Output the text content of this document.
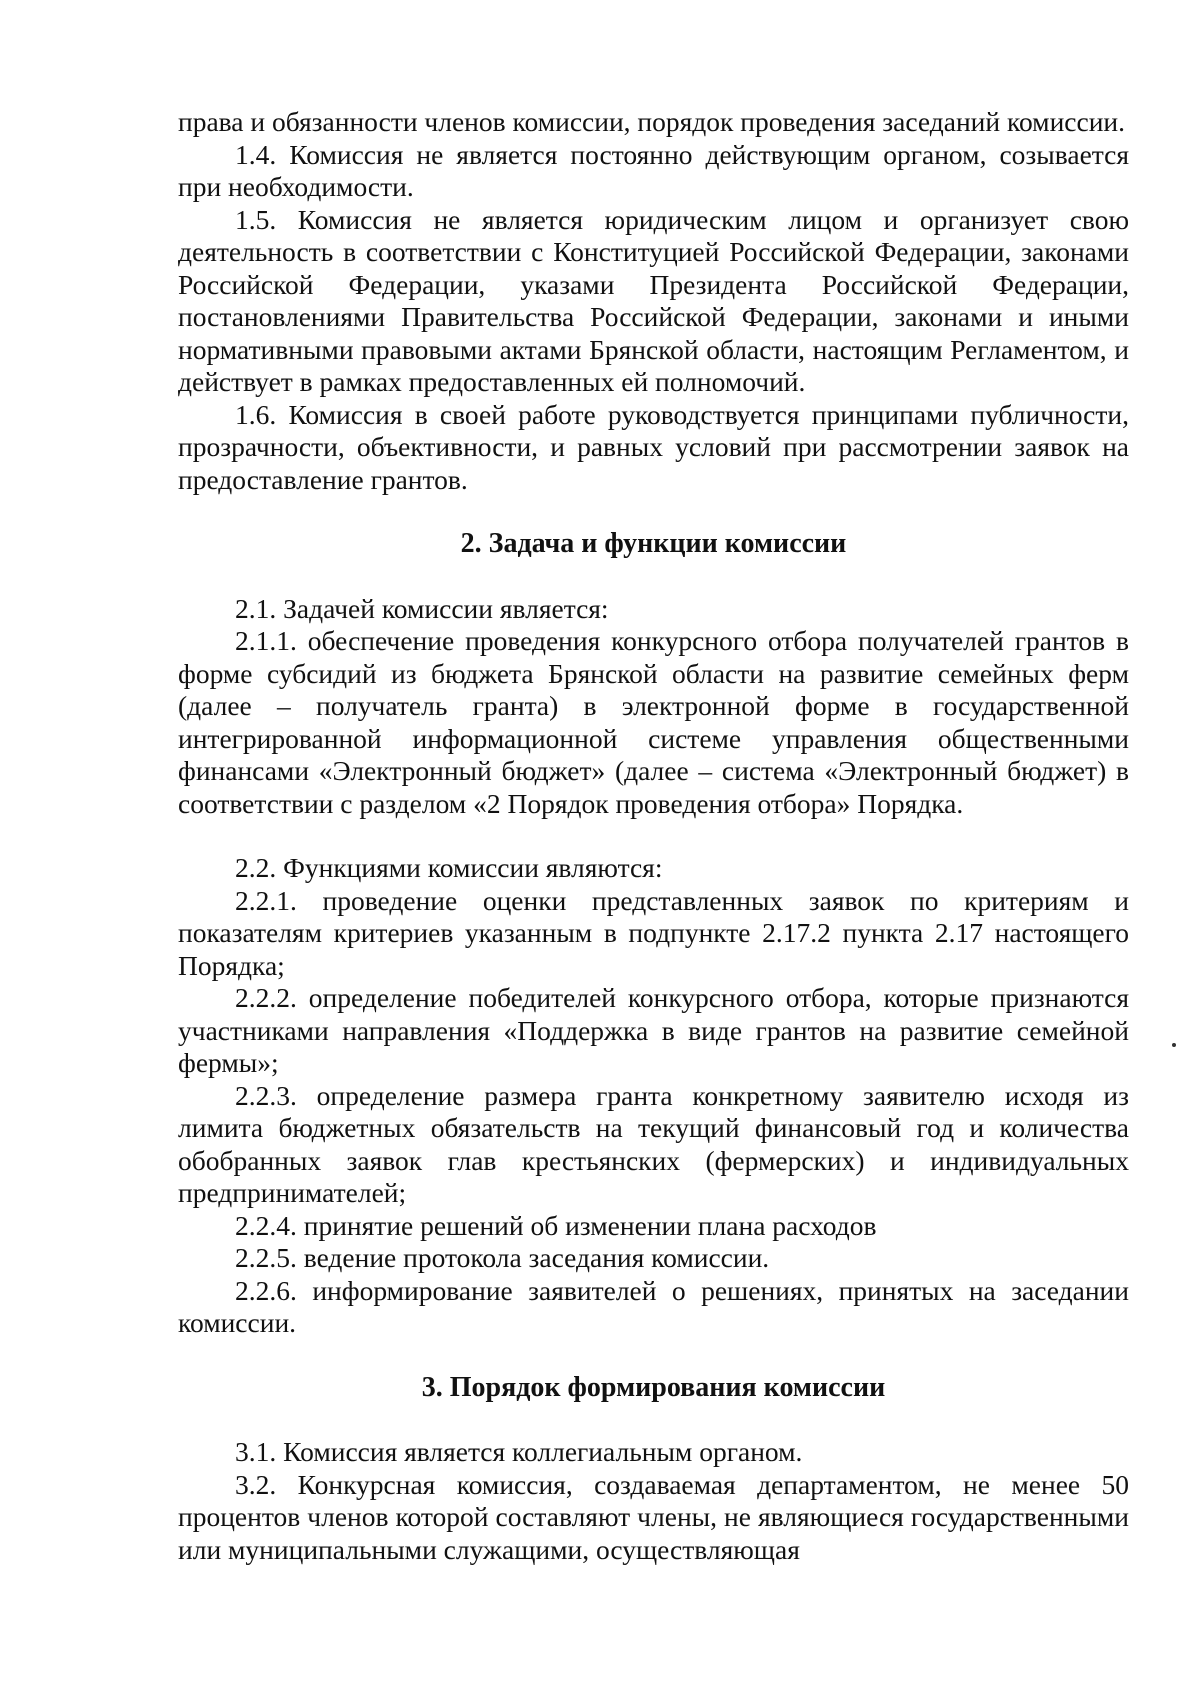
права и обязанности членов комиссии, порядок проведения заседаний комиссии.

1.4. Комиссия не является постоянно действующим органом, созывается при необходимости.

1.5. Комиссия не является юридическим лицом и организует свою деятельность в соответствии с Конституцией Российской Федерации, законами Российской Федерации, указами Президента Российской Федерации, постановлениями Правительства Российской Федерации, законами и иными нормативными правовыми актами Брянской области, настоящим Регламентом, и действует в рамках предоставленных ей полномочий.

1.6. Комиссия в своей работе руководствуется принципами публичности, прозрачности, объективности, и равных условий при рассмотрении заявок на предоставление грантов.

2. Задача и функции комиссии

2.1. Задачей комиссии является:

2.1.1. обеспечение проведения конкурсного отбора получателей грантов в форме субсидий из бюджета Брянской области на развитие семейных ферм (далее – получатель гранта) в электронной форме в государственной интегрированной информационной системе управления общественными финансами «Электронный бюджет» (далее – система «Электронный бюджет) в соответствии с разделом «2 Порядок проведения отбора» Порядка.

2.2. Функциями комиссии являются:

2.2.1. проведение оценки представленных заявок по критериям и показателям критериев указанным в подпункте 2.17.2 пункта 2.17 настоящего Порядка;

2.2.2. определение победителей конкурсного отбора, которые признаются участниками направления «Поддержка в виде грантов на развитие семейной фермы»;

2.2.3. определение размера гранта конкретному заявителю исходя из лимита бюджетных обязательств на текущий финансовый год и количества обобранных заявок глав крестьянских (фермерских) и индивидуальных предпринимателей;

2.2.4. принятие решений об изменении плана расходов

2.2.5. ведение протокола заседания комиссии.

2.2.6. информирование заявителей о решениях, принятых на заседании комиссии.

3. Порядок формирования комиссии

3.1. Комиссия является коллегиальным органом.

3.2. Конкурсная комиссия, создаваемая департаментом, не менее 50 процентов членов которой составляют члены, не являющиеся государственными или муниципальными служащими, осуществляющая
